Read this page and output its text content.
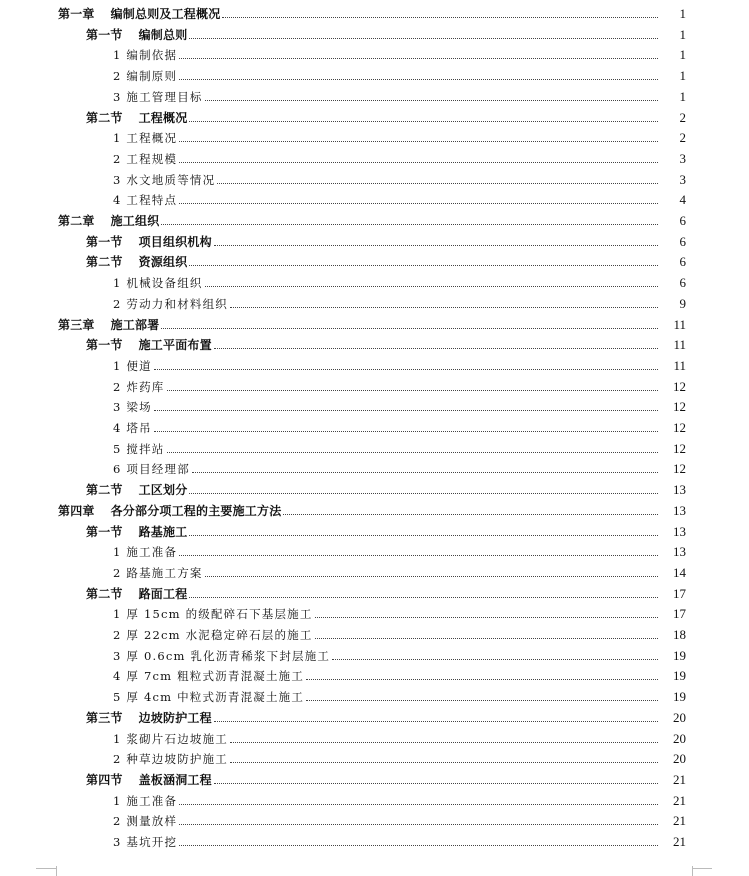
第一章 编制总则及工程概况	1
第一节 编制总则	1
1 编制依据	1
2 编制原则	1
3 施工管理目标	1
第二节 工程概况	2
1 工程概况	2
2 工程规模	3
3 水文地质等情况	3
4 工程特点	4
第二章 施工组织	6
第一节 项目组织机构	6
第二节 资源组织	6
1 机械设备组织	6
2 劳动力和材料组织	9
第三章 施工部署	11
第一节 施工平面布置	11
1 便道	11
2 炸药库	12
3 梁场	12
4 塔吊	12
5 搅拌站	12
6 项目经理部	12
第二节 工区划分	13
第四章 各分部分项工程的主要施工方法	13
第一节 路基施工	13
1 施工准备	13
2 路基施工方案	14
第二节 路面工程	17
1 厚 15cm 的级配碎石下基层施工	17
2 厚 22cm 水泥稳定碎石层的施工	18
3 厚 0.6cm 乳化沥青稀浆下封层施工	19
4 厚 7cm 粗粒式沥青混凝土施工	19
5 厚 4cm 中粒式沥青混凝土施工	19
第三节 边坡防护工程	20
1 浆砌片石边坡施工	20
2 种草边坡防护施工	20
第四节 盖板涵洞工程	21
1 施工准备	21
2 测量放样	21
3 基坑开挖	21
